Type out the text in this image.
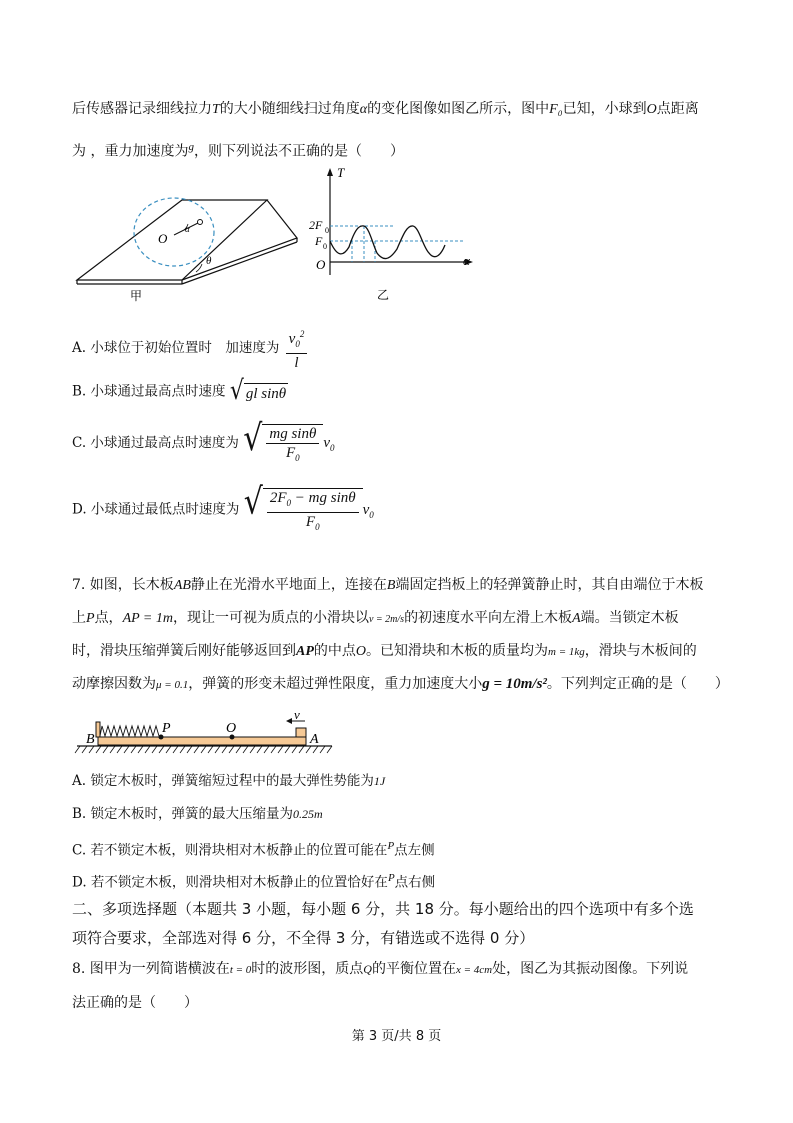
后传感器记录细线拉力T的大小随细线扫过角度α的变化图像如图乙所示，图中F₀已知，小球到O点距离
为 ，重力加速度为$^g$，则下列说法不正确的是（　　）
O
α
θ
甲
T
2F 0
F 0
O	α
乙
A. 小球位于初始位置时　加速度为 $\frac{v_0^2}{l}$
B. 小球通过最高点时速度 √ gl sinθ
C. 小球通过最高点时速度为 √ $\frac{\text{mg sinθ}}{F_0} v_0$
D. 小球通过最低点时速度为 √ $\frac{2F_0 - mg \sin\theta}{F_0} v_0$
7. 如图，长木板AB静止在光滑水平地面上，连接在B端固定挡板上的轻弹簧静止时，其自由端位于木板
上P点，AP = 1m，现让一可视为质点的小滑块以v = 2m/s的初速度水平向左滑上木板A端。当锁定木板
时，滑块压缩弹簧后刚好能够返回到AP的中点O。已知滑块和木板的质量均为m = 1kg，滑块与木板间的
动摩擦因数为μ = 0.1，弹簧的形变未超过弹性限度，重力加速度大小g = 10m/s²。下列判定正确的是（　　）
B
P	O
v
A
A. 锁定木板时，弹簧缩短过程中的最大弹性势能为1J
B. 锁定木板时，弹簧的最大压缩量为0.25m
C. 若不锁定木板，则滑块相对木板静止的位置可能在$^P$点左侧
D. 若不锁定木板，则滑块相对木板静止的位置恰好在$^P$点右侧
二、多项选择题（本题共 3 小题，每小题 6 分，共 18 分。每小题给出的四个选项中有多个选
项符合要求，全部选对得 6 分，不全得 3 分，有错选或不选得 0 分）
8. 图甲为一列简谐横波在t = 0时的波形图，质点Q的平衡位置在x = 4cm处，图乙为其振动图像。下列说
法正确的是（　　）
第 3 页/共 8 页
